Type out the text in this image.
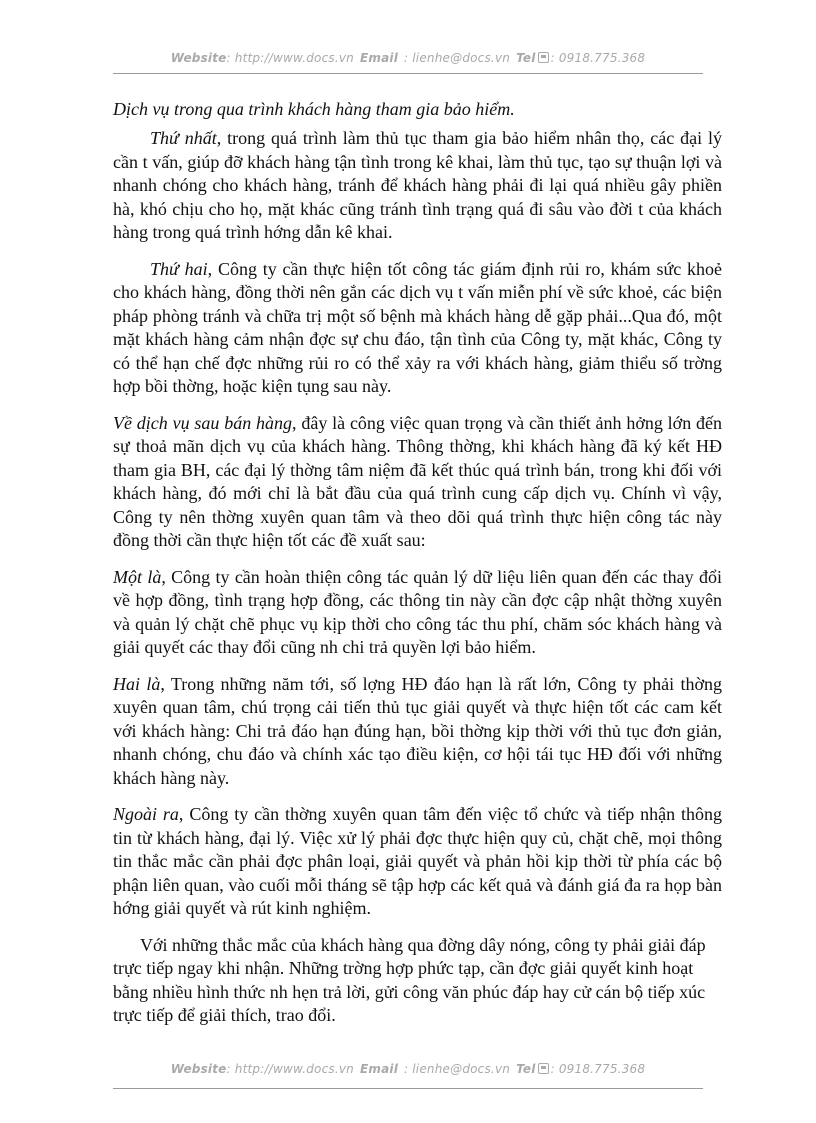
Website: http://www.docs.vn Email : lienhe@docs.vn Tel : 0918.775.368
Dịch vụ trong qua trình khách hàng tham gia bảo hiểm.

Thứ nhất, trong quá trình làm thủ tục tham gia bảo hiểm nhân thọ, các đại lý cần t vấn, giúp đỡ khách hàng tận tình trong kê khai, làm thủ tục, tạo sự thuận lợi và nhanh chóng cho khách hàng, tránh để khách hàng phải đi lại quá nhiều gây phiền hà, khó chịu cho họ, mặt khác cũng tránh tình trạng quá đi sâu vào đời t của khách hàng trong quá trình hớng dẫn kê khai.

Thứ hai, Công ty cần thực hiện tốt công tác giám định rủi ro, khám sức khoẻ cho khách hàng, đồng thời nên gắn các dịch vụ t vấn miễn phí về sức khoẻ, các biện pháp phòng tránh và chữa trị một số bệnh mà khách hàng dễ gặp phải...Qua đó, một mặt khách hàng cảm nhận đợc sự chu đáo, tận tình của Công ty, mặt khác, Công ty có thể hạn chế đợc những rủi ro có thể xảy ra với khách hàng, giảm thiểu số trờng hợp bồi thờng, hoặc kiện tụng sau này.

Về dịch vụ sau bán hàng, đây là công việc quan trọng và cần thiết ảnh hởng lớn đến sự thoả mãn dịch vụ của khách hàng. Thông thờng, khi khách hàng đã ký kết HĐ tham gia BH, các đại lý thờng tâm niệm đã kết thúc quá trình bán, trong khi đối với khách hàng, đó mới chỉ là bắt đầu của quá trình cung cấp dịch vụ. Chính vì vậy, Công ty nên thờng xuyên quan tâm và theo dõi quá trình thực hiện công tác này đồng thời cần thực hiện tốt các đề xuất sau:

Một là, Công ty cần hoàn thiện công tác quản lý dữ liệu liên quan đến các thay đổi về hợp đồng, tình trạng hợp đồng, các thông tin này cần đợc cập nhật thờng xuyên và quản lý chặt chẽ phục vụ kịp thời cho công tác thu phí, chăm sóc khách hàng và giải quyết các thay đổi cũng nh chi trả quyền lợi bảo hiểm.

Hai là, Trong những năm tới, số lợng HĐ đáo hạn là rất lớn, Công ty phải thờng xuyên quan tâm, chú trọng cải tiến thủ tục giải quyết và thực hiện tốt các cam kết với khách hàng: Chi trả đáo hạn đúng hạn, bồi thờng kịp thời với thủ tục đơn giản, nhanh chóng, chu đáo và chính xác tạo điều kiện, cơ hội tái tục HĐ đối với những khách hàng này.

Ngoài ra, Công ty cần thờng xuyên quan tâm đến việc tổ chức và tiếp nhận thông tin từ khách hàng, đại lý. Việc xử lý phải đợc thực hiện quy củ, chặt chẽ, mọi thông tin thắc mắc cần phải đợc phân loại, giải quyết và phản hồi kịp thời từ phía các bộ phận liên quan, vào cuối mỗi tháng sẽ tập hợp các kết quả và đánh giá đa ra họp bàn hớng giải quyết và rút kinh nghiệm.

Với những thắc mắc của khách hàng qua đờng dây nóng, công ty phải giải đáp trực tiếp ngay khi nhận. Những trờng hợp phức tạp, cần đợc giải quyết kinh hoạt bằng nhiều hình thức nh hẹn trả lời, gửi công văn phúc đáp hay cử cán bộ tiếp xúc trực tiếp để giải thích, trao đổi.

Website: http://www.docs.vn Email : lienhe@docs.vn Tel : 0918.775.368
